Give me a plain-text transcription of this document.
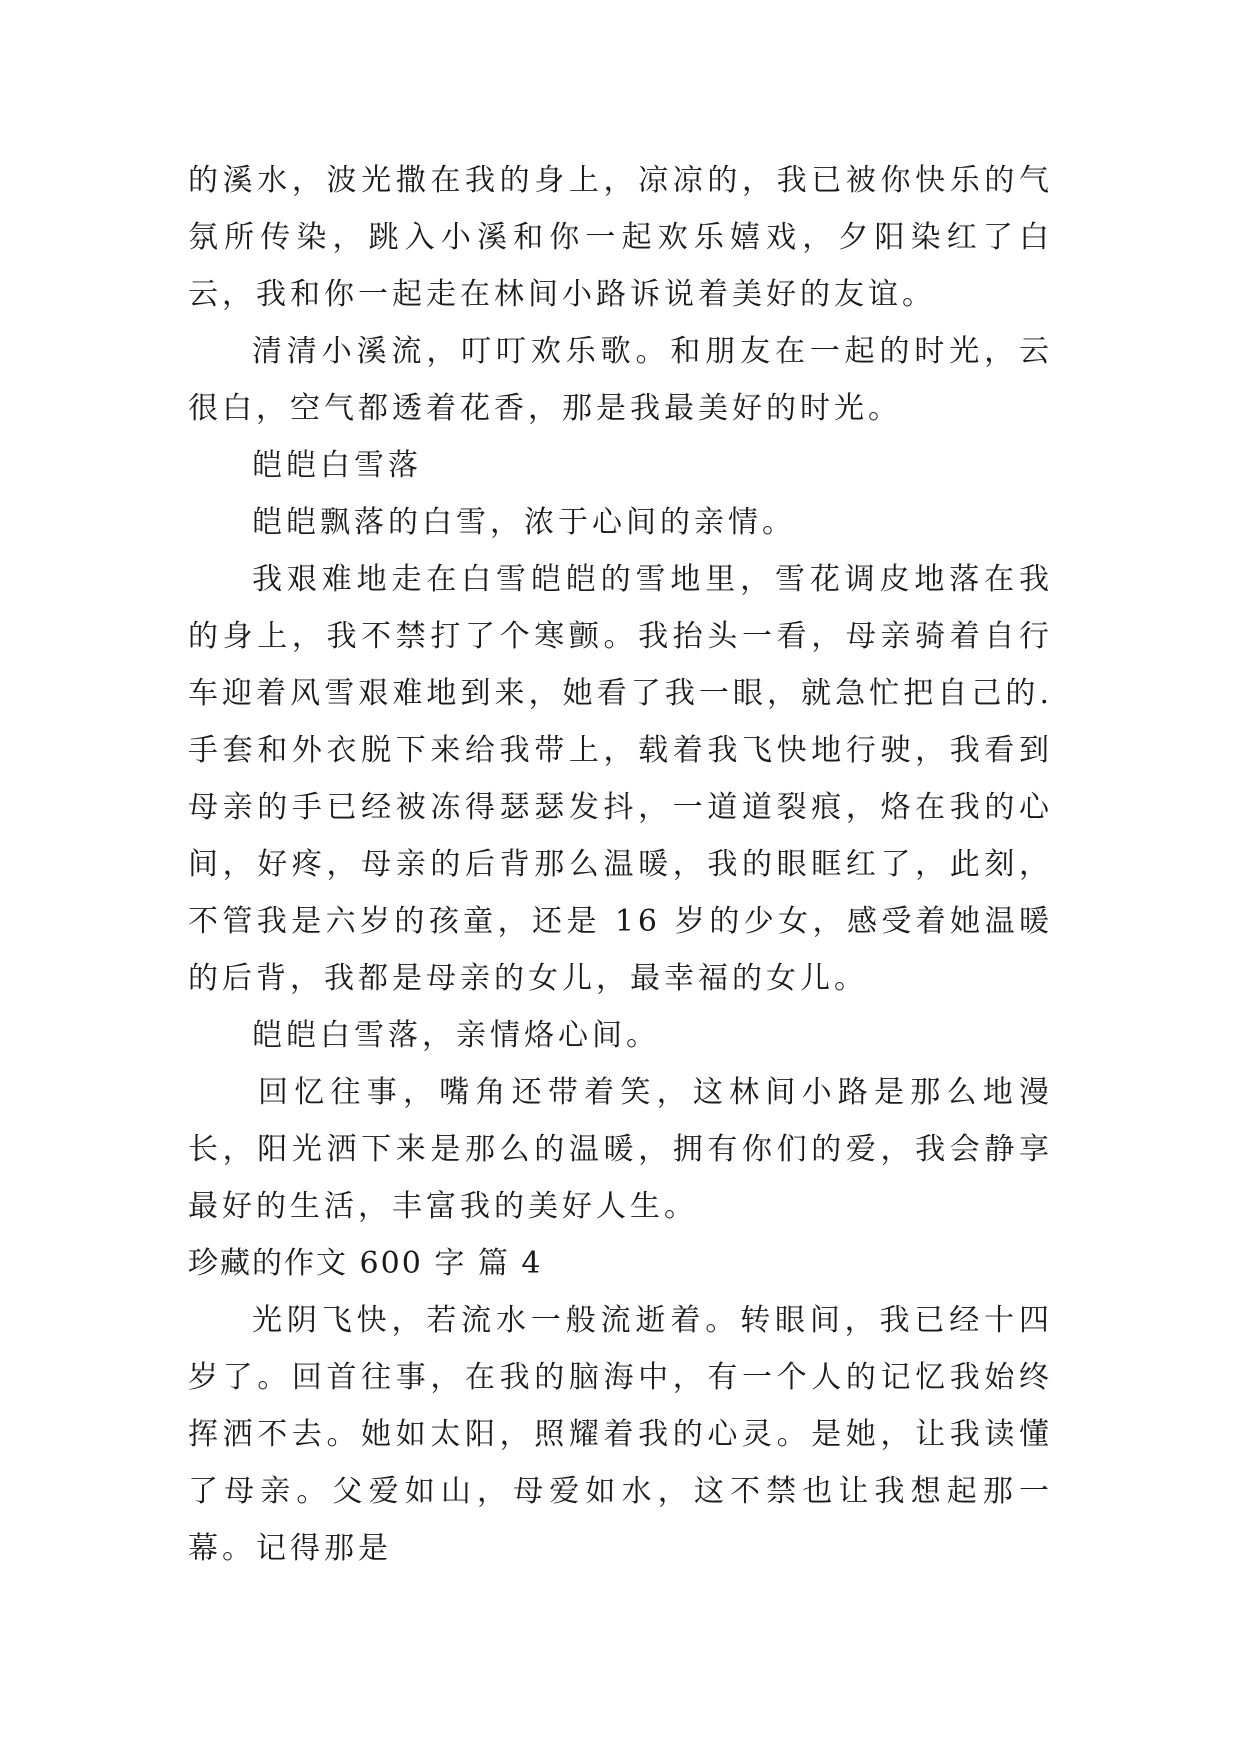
的溪水，波光撒在我的身上，凉凉的，我已被你快乐的气氛所传染，跳入小溪和你一起欢乐嬉戏，夕阳染红了白云，我和你一起走在林间小路诉说着美好的友谊。

清清小溪流，叮叮欢乐歌。和朋友在一起的时光，云很白，空气都透着花香，那是我最美好的时光。

皑皑白雪落

皑皑飘落的白雪，浓于心间的亲情。

我艰难地走在白雪皑皑的雪地里，雪花调皮地落在我的身上，我不禁打了个寒颤。我抬头一看，母亲骑着自行车迎着风雪艰难地到来，她看了我一眼，就急忙把自己的.手套和外衣脱下来给我带上，载着我飞快地行驶，我看到母亲的手已经被冻得瑟瑟发抖，一道道裂痕，烙在我的心间，好疼，母亲的后背那么温暖，我的眼眶红了，此刻，不管我是六岁的孩童，还是 16 岁的少女，感受着她温暖的后背，我都是母亲的女儿，最幸福的女儿。

皑皑白雪落，亲情烙心间。

回忆往事，嘴角还带着笑，这林间小路是那么地漫长，阳光洒下来是那么的温暖，拥有你们的爱，我会静享最好的生活，丰富我的美好人生。

珍藏的作文 600 字 篇 4

光阴飞快，若流水一般流逝着。转眼间，我已经十四岁了。回首往事，在我的脑海中，有一个人的记忆我始终挥洒不去。她如太阳，照耀着我的心灵。是她，让我读懂了母亲。父爱如山，母爱如水，这不禁也让我想起那一幕。记得那是
